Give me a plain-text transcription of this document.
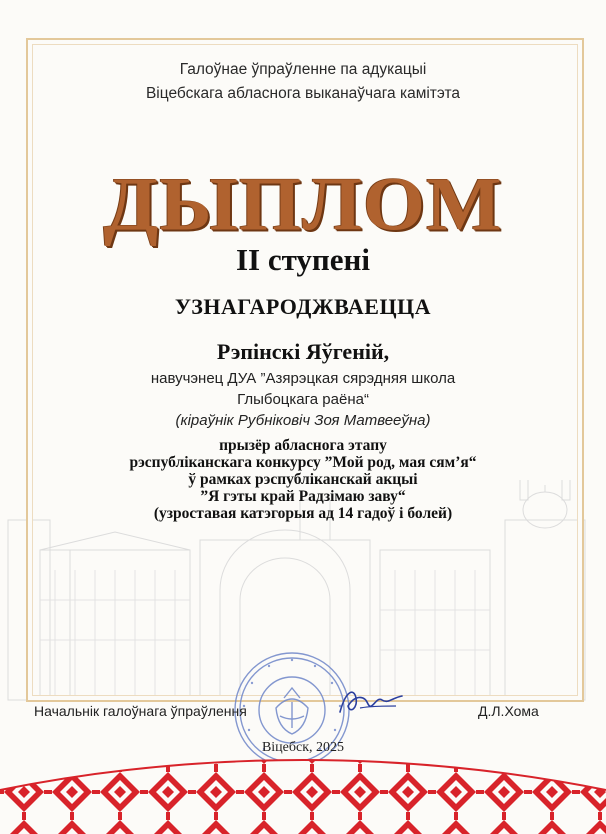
Галоўнае ўпраўленне па адукацыі
Віцебскага абласнога выканаўчага камітэта
ДЫПЛОМ
II ступені
УЗНАГАРОДЖВАЕЦЦА
Рэпінскі Яўгеній,
навучэнец ДУА ”Азярэцкая сярэдняя школа
Глыбоцкага раёна“
(кіраўнік Рубніковіч Зоя Матвееўна)
прызёр абласнога этапу
рэспубліканскага конкурсу ”Мой род, мая сям’я“
ў рамках рэспубліканскай акцыі
”Я гэты край Радзімаю заву“
(узроставая катэгорыя ад 14 гадоў і болей)
Начальнік галоўнага ўпраўлення	Д.Л.Хома
Віцебск, 2025
